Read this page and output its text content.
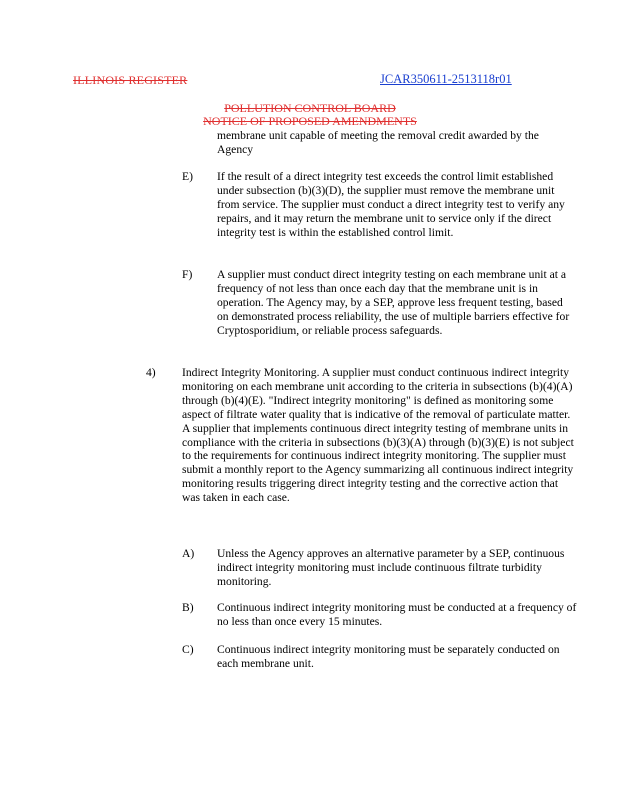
ILLINOIS REGISTER	JCAR350611-2513118r01
POLLUTION CONTROL BOARD
NOTICE OF PROPOSED AMENDMENTS
membrane unit capable of meeting the removal credit awarded by the Agency
E) If the result of a direct integrity test exceeds the control limit established under subsection (b)(3)(D), the supplier must remove the membrane unit from service. The supplier must conduct a direct integrity test to verify any repairs, and it may return the membrane unit to service only if the direct integrity test is within the established control limit.
F) A supplier must conduct direct integrity testing on each membrane unit at a frequency of not less than once each day that the membrane unit is in operation. The Agency may, by a SEP, approve less frequent testing, based on demonstrated process reliability, the use of multiple barriers effective for Cryptosporidium, or reliable process safeguards.
4) Indirect Integrity Monitoring. A supplier must conduct continuous indirect integrity monitoring on each membrane unit according to the criteria in subsections (b)(4)(A) through (b)(4)(E). "Indirect integrity monitoring" is defined as monitoring some aspect of filtrate water quality that is indicative of the removal of particulate matter. A supplier that implements continuous direct integrity testing of membrane units in compliance with the criteria in subsections (b)(3)(A) through (b)(3)(E) is not subject to the requirements for continuous indirect integrity monitoring. The supplier must submit a monthly report to the Agency summarizing all continuous indirect integrity monitoring results triggering direct integrity testing and the corrective action that was taken in each case.
A) Unless the Agency approves an alternative parameter by a SEP, continuous indirect integrity monitoring must include continuous filtrate turbidity monitoring.
B) Continuous indirect integrity monitoring must be conducted at a frequency of no less than once every 15 minutes.
C) Continuous indirect integrity monitoring must be separately conducted on each membrane unit.
